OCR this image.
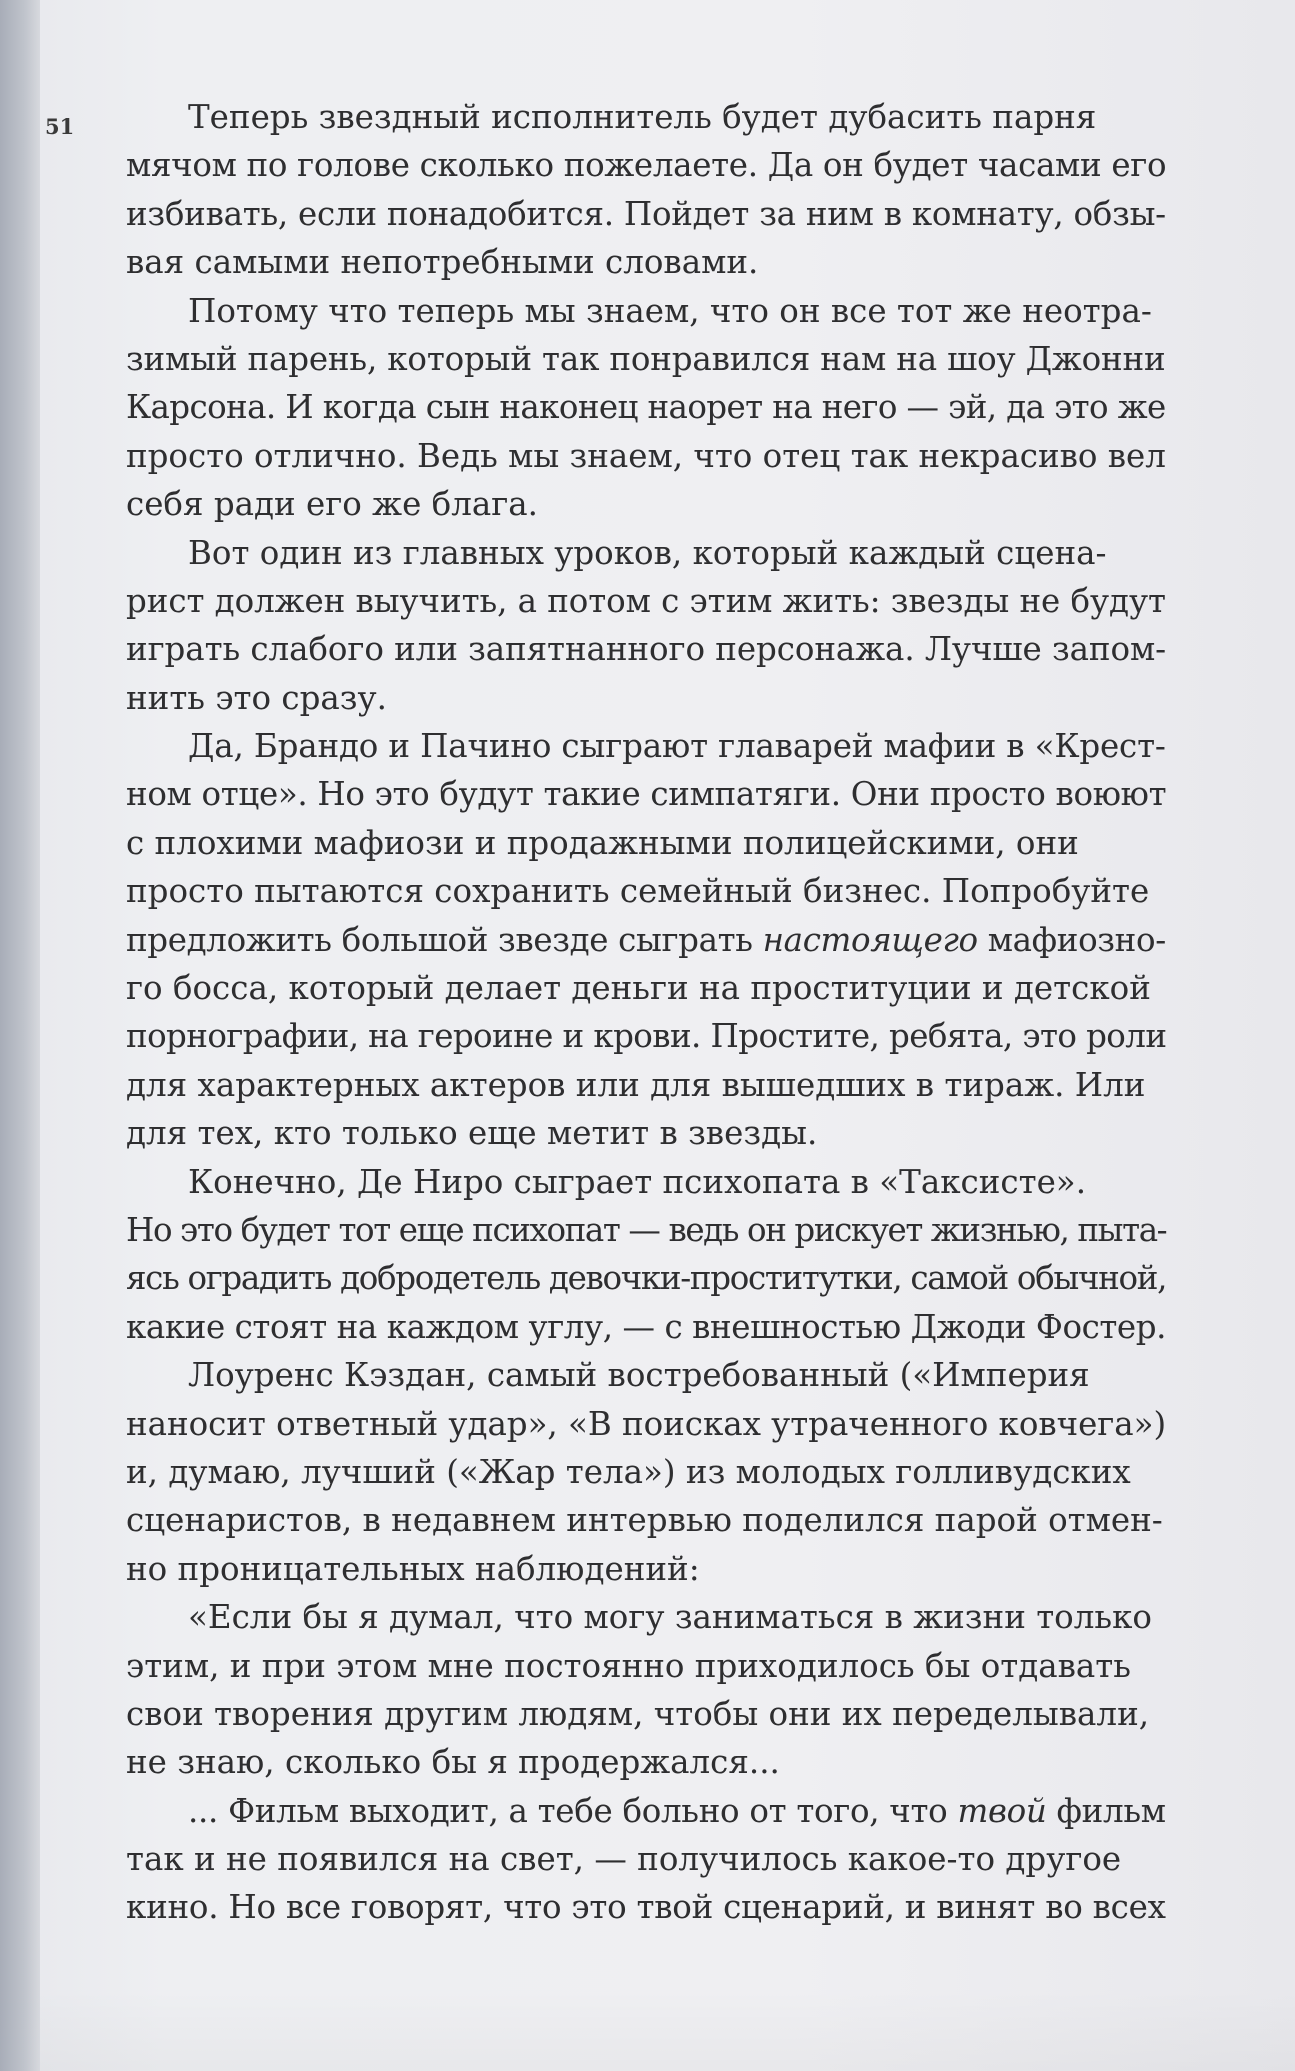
51	Теперь звездный исполнитель будет дубасить парня
мячом по голове сколько пожелаете. Да он будет часами его
избивать, если понадобится. Пойдет за ним в комнату, обзы-
вая самыми непотребными словами.
Потому что теперь мы знаем, что он все тот же неотра-
зимый парень, который так понравился нам на шоу Джонни
Карсона. И когда сын наконец наорет на него — эй, да это же
просто отлично. Ведь мы знаем, что отец так некрасиво вел
себя ради его же блага.
Вот один из главных уроков, который каждый сцена-
рист должен выучить, а потом с этим жить: звезды не будут
играть слабого или запятнанного персонажа. Лучше запом-
нить это сразу.
Да, Брандо и Пачино сыграют главарей мафии в «Крест-
ном отце». Но это будут такие симпатяги. Они просто воюют
с плохими мафиози и продажными полицейскими, они
просто пытаются сохранить семейный бизнес. Попробуйте
предложить большой звезде сыграть настоящего мафиозно-
го босса, который делает деньги на проституции и детской
порнографии, на героине и крови. Простите, ребята, это роли
для характерных актеров или для вышедших в тираж. Или
для тех, кто только еще метит в звезды.
Конечно, Де Ниро сыграет психопата в «Таксисте».
Но это будет тот еще психопат — ведь он рискует жизнью, пыта-
ясь оградить добродетель девочки-проститутки, самой обычной,
какие стоят на каждом углу, — с внешностью Джоди Фостер.
Лоуренс Кэздан, самый востребованный («Империя
наносит ответный удар», «В поисках утраченного ковчега»)
и, думаю, лучший («Жар тела») из молодых голливудских
сценаристов, в недавнем интервью поделился парой отмен-
но проницательных наблюдений:
«Если бы я думал, что могу заниматься в жизни только
этим, и при этом мне постоянно приходилось бы отдавать
свои творения другим людям, чтобы они их переделывали,
не знаю, сколько бы я продержался...
... Фильм выходит, а тебе больно от того, что твой фильм
так и не появился на свет, — получилось какое-то другое
кино. Но все говорят, что это твой сценарий, и винят во всех
